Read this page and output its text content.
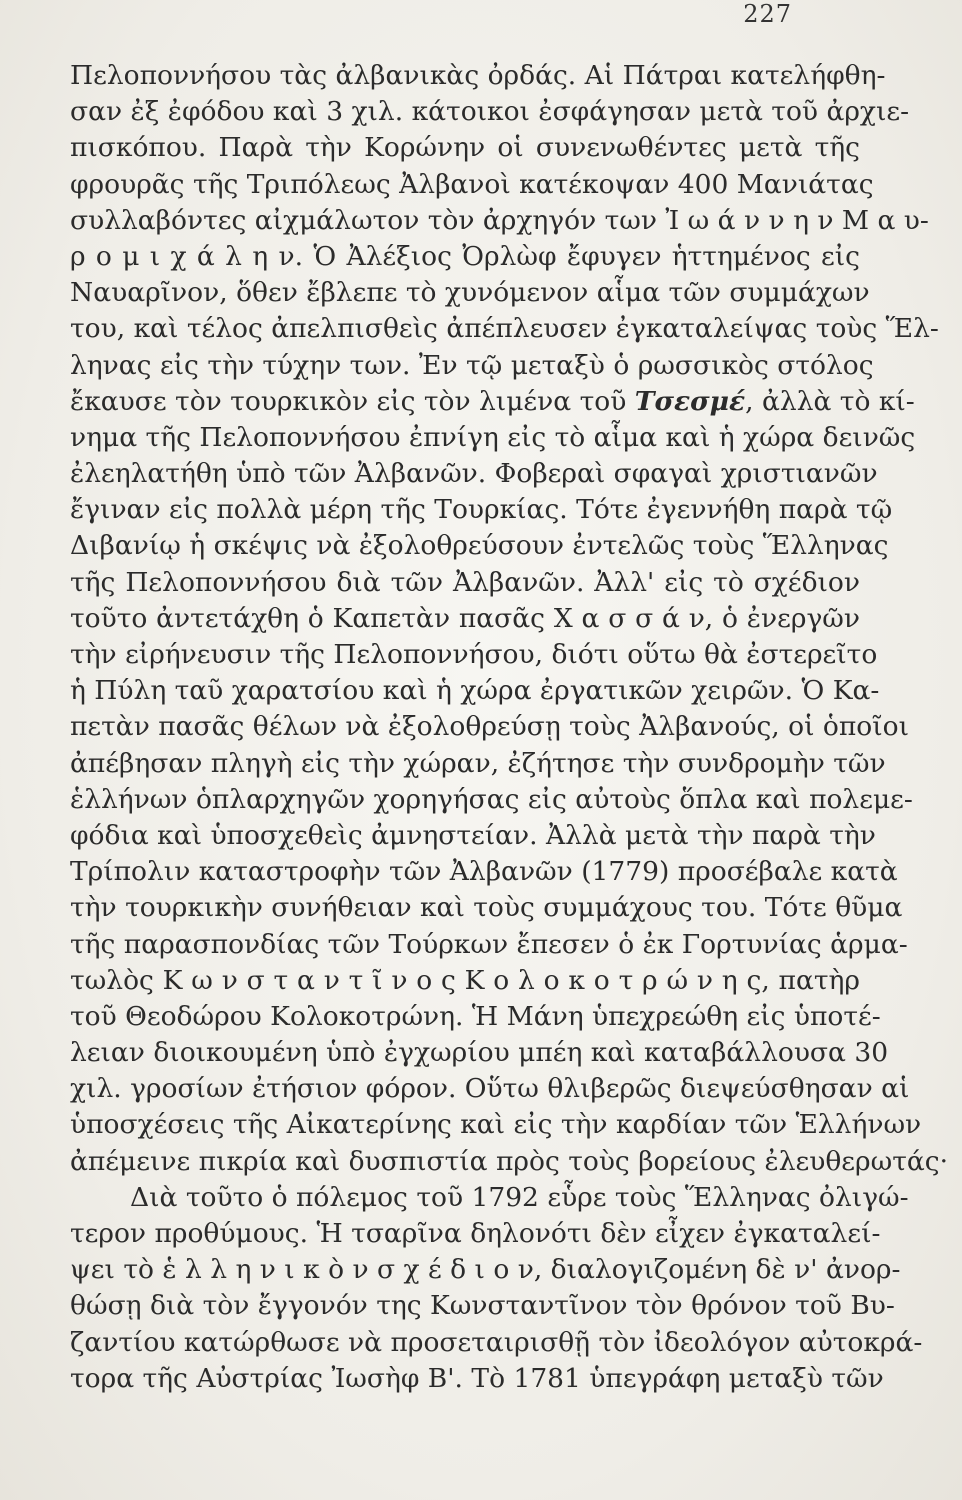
227
Πελοποννήσου τὰς ἀλβανικὰς ὀρδάς. Αἱ Πάτραι κατελήφθη-
σαν ἐξ ἐφόδου καὶ 3 χιλ. κάτοικοι ἐσφάγησαν μετὰ τοῦ ἀρχιε-
πισκόπου. Παρὰ τὴν Κορώνην οἱ συνενωθέντες μετὰ τῆς
φρουρᾶς τῆς Τριπόλεως Ἀλβανοὶ κατέκοψαν 400 Μανιάτας
συλλαβόντες αἰχμάλωτον τὸν ἀρχηγόν των Ἰ ω ά ν ν η ν Μ α υ-
ρ ο μ ι χ ά λ η ν. Ὁ Ἀλέξιος Ὀρλὼφ ἔφυγεν ἡττημένος εἰς
Ναυαρῖνον, ὅθεν ἔβλεπε τὸ χυνόμενον αἷμα τῶν συμμάχων
του, καὶ τέλος ἀπελπισθεὶς ἀπέπλευσεν ἐγκαταλείψας τοὺς Ἕλ-
ληνας εἰς τὴν τύχην των. Ἐν τῷ μεταξὺ ὁ ρωσσικὸς στόλος
ἔκαυσε τὸν τουρκικὸν εἰς τὸν λιμένα τοῦ Τσεσμέ, ἀλλὰ τὸ κί-
νημα τῆς Πελοποννήσου ἐπνίγη εἰς τὸ αἷμα καὶ ἡ χώρα δεινῶς
ἐλεηλατήθη ὑπὸ τῶν Ἀλβανῶν. Φοβεραὶ σφαγαὶ χριστιανῶν
ἔγιναν εἰς πολλὰ μέρη τῆς Τουρκίας. Τότε ἐγεννήθη παρὰ τῷ
Διβανίῳ ἡ σκέψις νὰ ἐξολοθρεύσουν ἐντελῶς τοὺς Ἕλληνας
τῆς Πελοποννήσου διὰ τῶν Ἀλβανῶν. Ἀλλ' εἰς τὸ σχέδιον
τοῦτο ἀντετάχθη ὁ Καπετὰν πασᾶς Χ α σ σ ά ν, ὁ ἐνεργῶν
τὴν εἰρήνευσιν τῆς Πελοποννήσου, διότι οὕτω θὰ ἐστερεῖτο
ἡ Πύλη ταῦ χαρατσίου καὶ ἡ χώρα ἐργατικῶν χειρῶν. Ὁ Κα-
πετὰν πασᾶς θέλων νὰ ἐξολοθρεύσῃ τοὺς Ἀλβανούς, οἱ ὁποῖοι
ἀπέβησαν πληγὴ εἰς τὴν χώραν, ἐζήτησε τὴν συνδρομὴν τῶν
ἑλλήνων ὁπλαρχηγῶν χορηγήσας εἰς αὐτοὺς ὅπλα καὶ πολεμε-
φόδια καὶ ὑποσχεθεὶς ἀμνηστείαν. Ἀλλὰ μετὰ τὴν παρὰ τὴν
Τρίπολιν καταστροφὴν τῶν Ἀλβανῶν (1779) προσέβαλε κατὰ
τὴν τουρκικὴν συνήθειαν καὶ τοὺς συμμάχους του. Τότε θῦμα
τῆς παρασπονδίας τῶν Τούρκων ἔπεσεν ὁ ἐκ Γορτυνίας ἁρμα-
τωλὸς Κ ω ν σ τ α ν τ ῖ ν ο ς Κ ο λ ο κ ο τ ρ ώ ν η ς, πατὴρ
τοῦ Θεοδώρου Κολοκοτρώνη. Ἡ Μάνη ὑπεχρεώθη εἰς ὑποτέ-
λειαν διοικουμένη ὑπὸ ἐγχωρίου μπέη καὶ καταβάλλουσα 30
χιλ. γροσίων ἐτήσιον φόρον. Οὕτω θλιβερῶς διεψεύσθησαν αἱ
ὑποσχέσεις τῆς Αἰκατερίνης καὶ εἰς τὴν καρδίαν τῶν Ἑλλήνων
ἀπέμεινε πικρία καὶ δυσπιστία πρὸς τοὺς βορείους ἐλευθερωτάς·
Διὰ τοῦτο ὁ πόλεμος τοῦ 1792 εὗρε τοὺς Ἕλληνας ὀλιγώ-
τερον προθύμους. Ἡ τσαρῖνα δηλονότι δὲν εἶχεν ἐγκαταλεί-
ψει τὸ ἑ λ λ η ν ι κ ὸ ν σ χ έ δ ι ο ν, διαλογιζομένη δὲ ν' ἀνορ-
θώσῃ διὰ τὸν ἔγγονόν της Κωνσταντῖνον τὸν θρόνον τοῦ Βυ-
ζαντίου κατώρθωσε νὰ προσεταιρισθῇ τὸν ἰδεολόγον αὐτοκρά-
τορα τῆς Αὐστρίας Ἰωσὴφ Β'. Τὸ 1781 ὑπεγράφη μεταξὺ τῶν
